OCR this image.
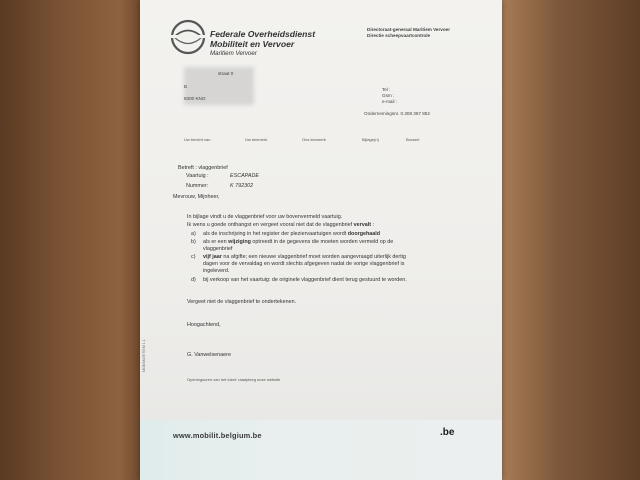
Federale Overheidsdienst
Mobiliteit en Vervoer
Maritiem Vervoer
Directoraat-generaal Maritiem Vervoer
Directie scheepvaartcontrole
straat 0
B
8300 KNO
Tel :
Gsm :
e-mail :
Ondernemingsnr. 0.308 357 852
Uw bericht van	Uw kenmerk	Ons kenmerk	Bijlage(n)	Brussel
Betreft : vlaggenbrief
Vaartuig :	ESCAPADE
Nummer:	K 792302
Mevrouw, Mijnheer,
In bijlage vindt u de vlaggenbrief voor uw bovenvermeld vaartuig.
Ik wens u goede onthangst en vergeet vooral niet dat de vlaggenbrief vervalt :
a) als de inschrijving in het register der pleziervaartuigen wordt doorgehaald
b) als er een wijziging optreedt in de gegevens die moeten worden vermeld op de
vlaggenbrief
c) vijf jaar na afgifte; een nieuwe vlaggenbrief moet worden aangevraagd uiterlijk dertig
dagen voor de vervaldag en wordt slechts afgegeven nadat de vorige vlaggenbrief is
ingeleverd.
d) bij verkoop van het vaartuig: de originele vlaggenbrief dient terug gestuurd te worden.
Vergeet niet de vlaggenbrief te ondertekenen.
Hoogachtend,
G. Vanwelsenaere
Openingsuren van het loket: raadpleeg onze website
MOB/MARITIEM 1.1
www.mobilit.belgium.be	.be
